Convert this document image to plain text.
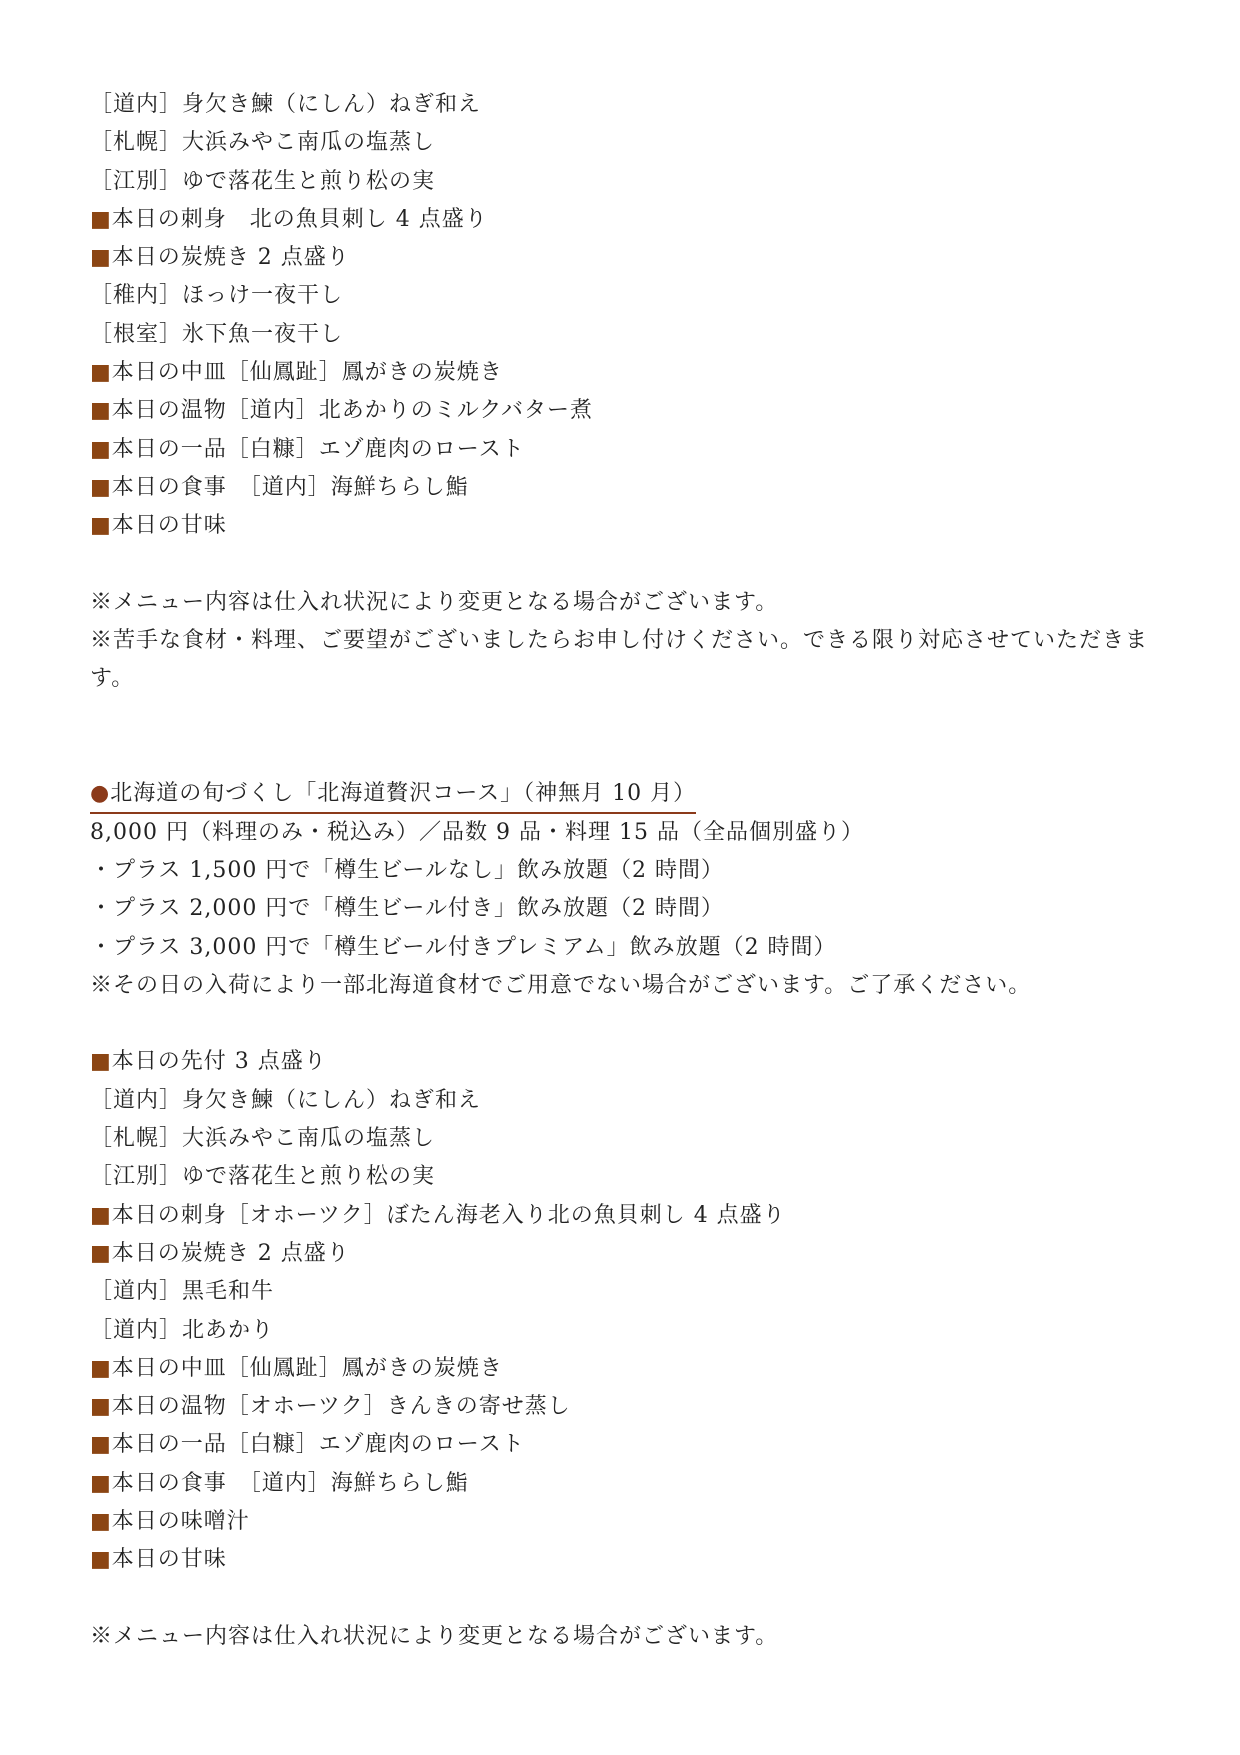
［道内］身欠き鰊（にしん）ねぎ和え
［札幌］大浜みやこ南瓜の塩蒸し
［江別］ゆで落花生と煎り松の実
■本日の刺身　北の魚貝刺し 4 点盛り
■本日の炭焼き 2 点盛り
［稚内］ほっけ一夜干し
［根室］氷下魚一夜干し
■本日の中皿［仙鳳趾］鳳がきの炭焼き
■本日の温物［道内］北あかりのミルクバター煮
■本日の一品［白糠］エゾ鹿肉のロースト
■本日の食事　［道内］海鮮ちらし鮨
■本日の甘味
※メニュー内容は仕入れ状況により変更となる場合がございます。
※苦手な食材・料理、ご要望がございましたらお申し付けください。できる限り対応させていただきます。
●北海道の旬づくし「北海道贅沢コース」（神無月 10 月）
8,000 円（料理のみ・税込み）／品数 9 品・料理 15 品（全品個別盛り）
・プラス 1,500 円で「樽生ビールなし」飲み放題（2 時間）
・プラス 2,000 円で「樽生ビール付き」飲み放題（2 時間）
・プラス 3,000 円で「樽生ビール付きプレミアム」飲み放題（2 時間）
※その日の入荷により一部北海道食材でご用意でない場合がございます。ご了承ください。
■本日の先付 3 点盛り
［道内］身欠き鰊（にしん）ねぎ和え
［札幌］大浜みやこ南瓜の塩蒸し
［江別］ゆで落花生と煎り松の実
■本日の刺身［オホーツク］ぼたん海老入り北の魚貝刺し 4 点盛り
■本日の炭焼き 2 点盛り
［道内］黒毛和牛
［道内］北あかり
■本日の中皿［仙鳳趾］鳳がきの炭焼き
■本日の温物［オホーツク］きんきの寄せ蒸し
■本日の一品［白糠］エゾ鹿肉のロースト
■本日の食事　［道内］海鮮ちらし鮨
■本日の味噌汁
■本日の甘味
※メニュー内容は仕入れ状況により変更となる場合がございます。
